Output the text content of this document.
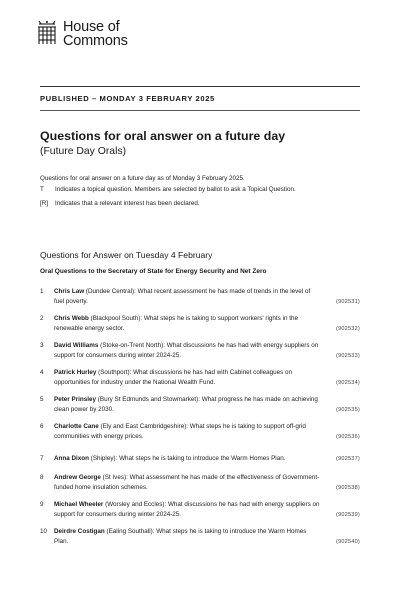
House of
Commons
PUBLISHED – MONDAY 3 FEBRUARY 2025
Questions for oral answer on a future day
(Future Day Orals)
Questions for oral answer on a future day as of Monday 3 February 2025.
T	Indicates a topical question. Members are selected by ballot to ask a Topical Question.
[R]	Indicates that a relevant interest has been declared.
Questions for Answer on Tuesday 4 February
Oral Questions to the Secretary of State for Energy Security and Net Zero
1	Chris Law (Dundee Central): What recent assessment he has made of trends in the level of fuel poverty.	(902531)
2	Chris Webb (Blackpool South): What steps he is taking to support workers' rights in the renewable energy sector.	(902532)
3	David Williams (Stoke-on-Trent North): What discussions he has had with energy suppliers on support for consumers during winter 2024-25.	(902533)
4	Patrick Hurley (Southport): What discussions he has had with Cabinet colleagues on opportunities for industry under the National Wealth Fund.	(902534)
5	Peter Prinsley (Bury St Edmunds and Stowmarket): What progress he has made on achieving clean power by 2030.	(902535)
6	Charlotte Cane (Ely and East Cambridgeshire): What steps he is taking to support off-grid communities with energy prices.	(902536)
7	Anna Dixon (Shipley): What steps he is taking to introduce the Warm Homes Plan.	(902537)
8	Andrew George (St Ives): What assessment he has made of the effectiveness of Government-funded home insulation schemes.	(902538)
9	Michael Wheeler (Worsley and Eccles): What discussions he has had with energy suppliers on support for consumers during winter 2024-25.	(902539)
10	Deirdre Costigan (Ealing Southall): What steps he is taking to introduce the Warm Homes Plan.	(902540)
